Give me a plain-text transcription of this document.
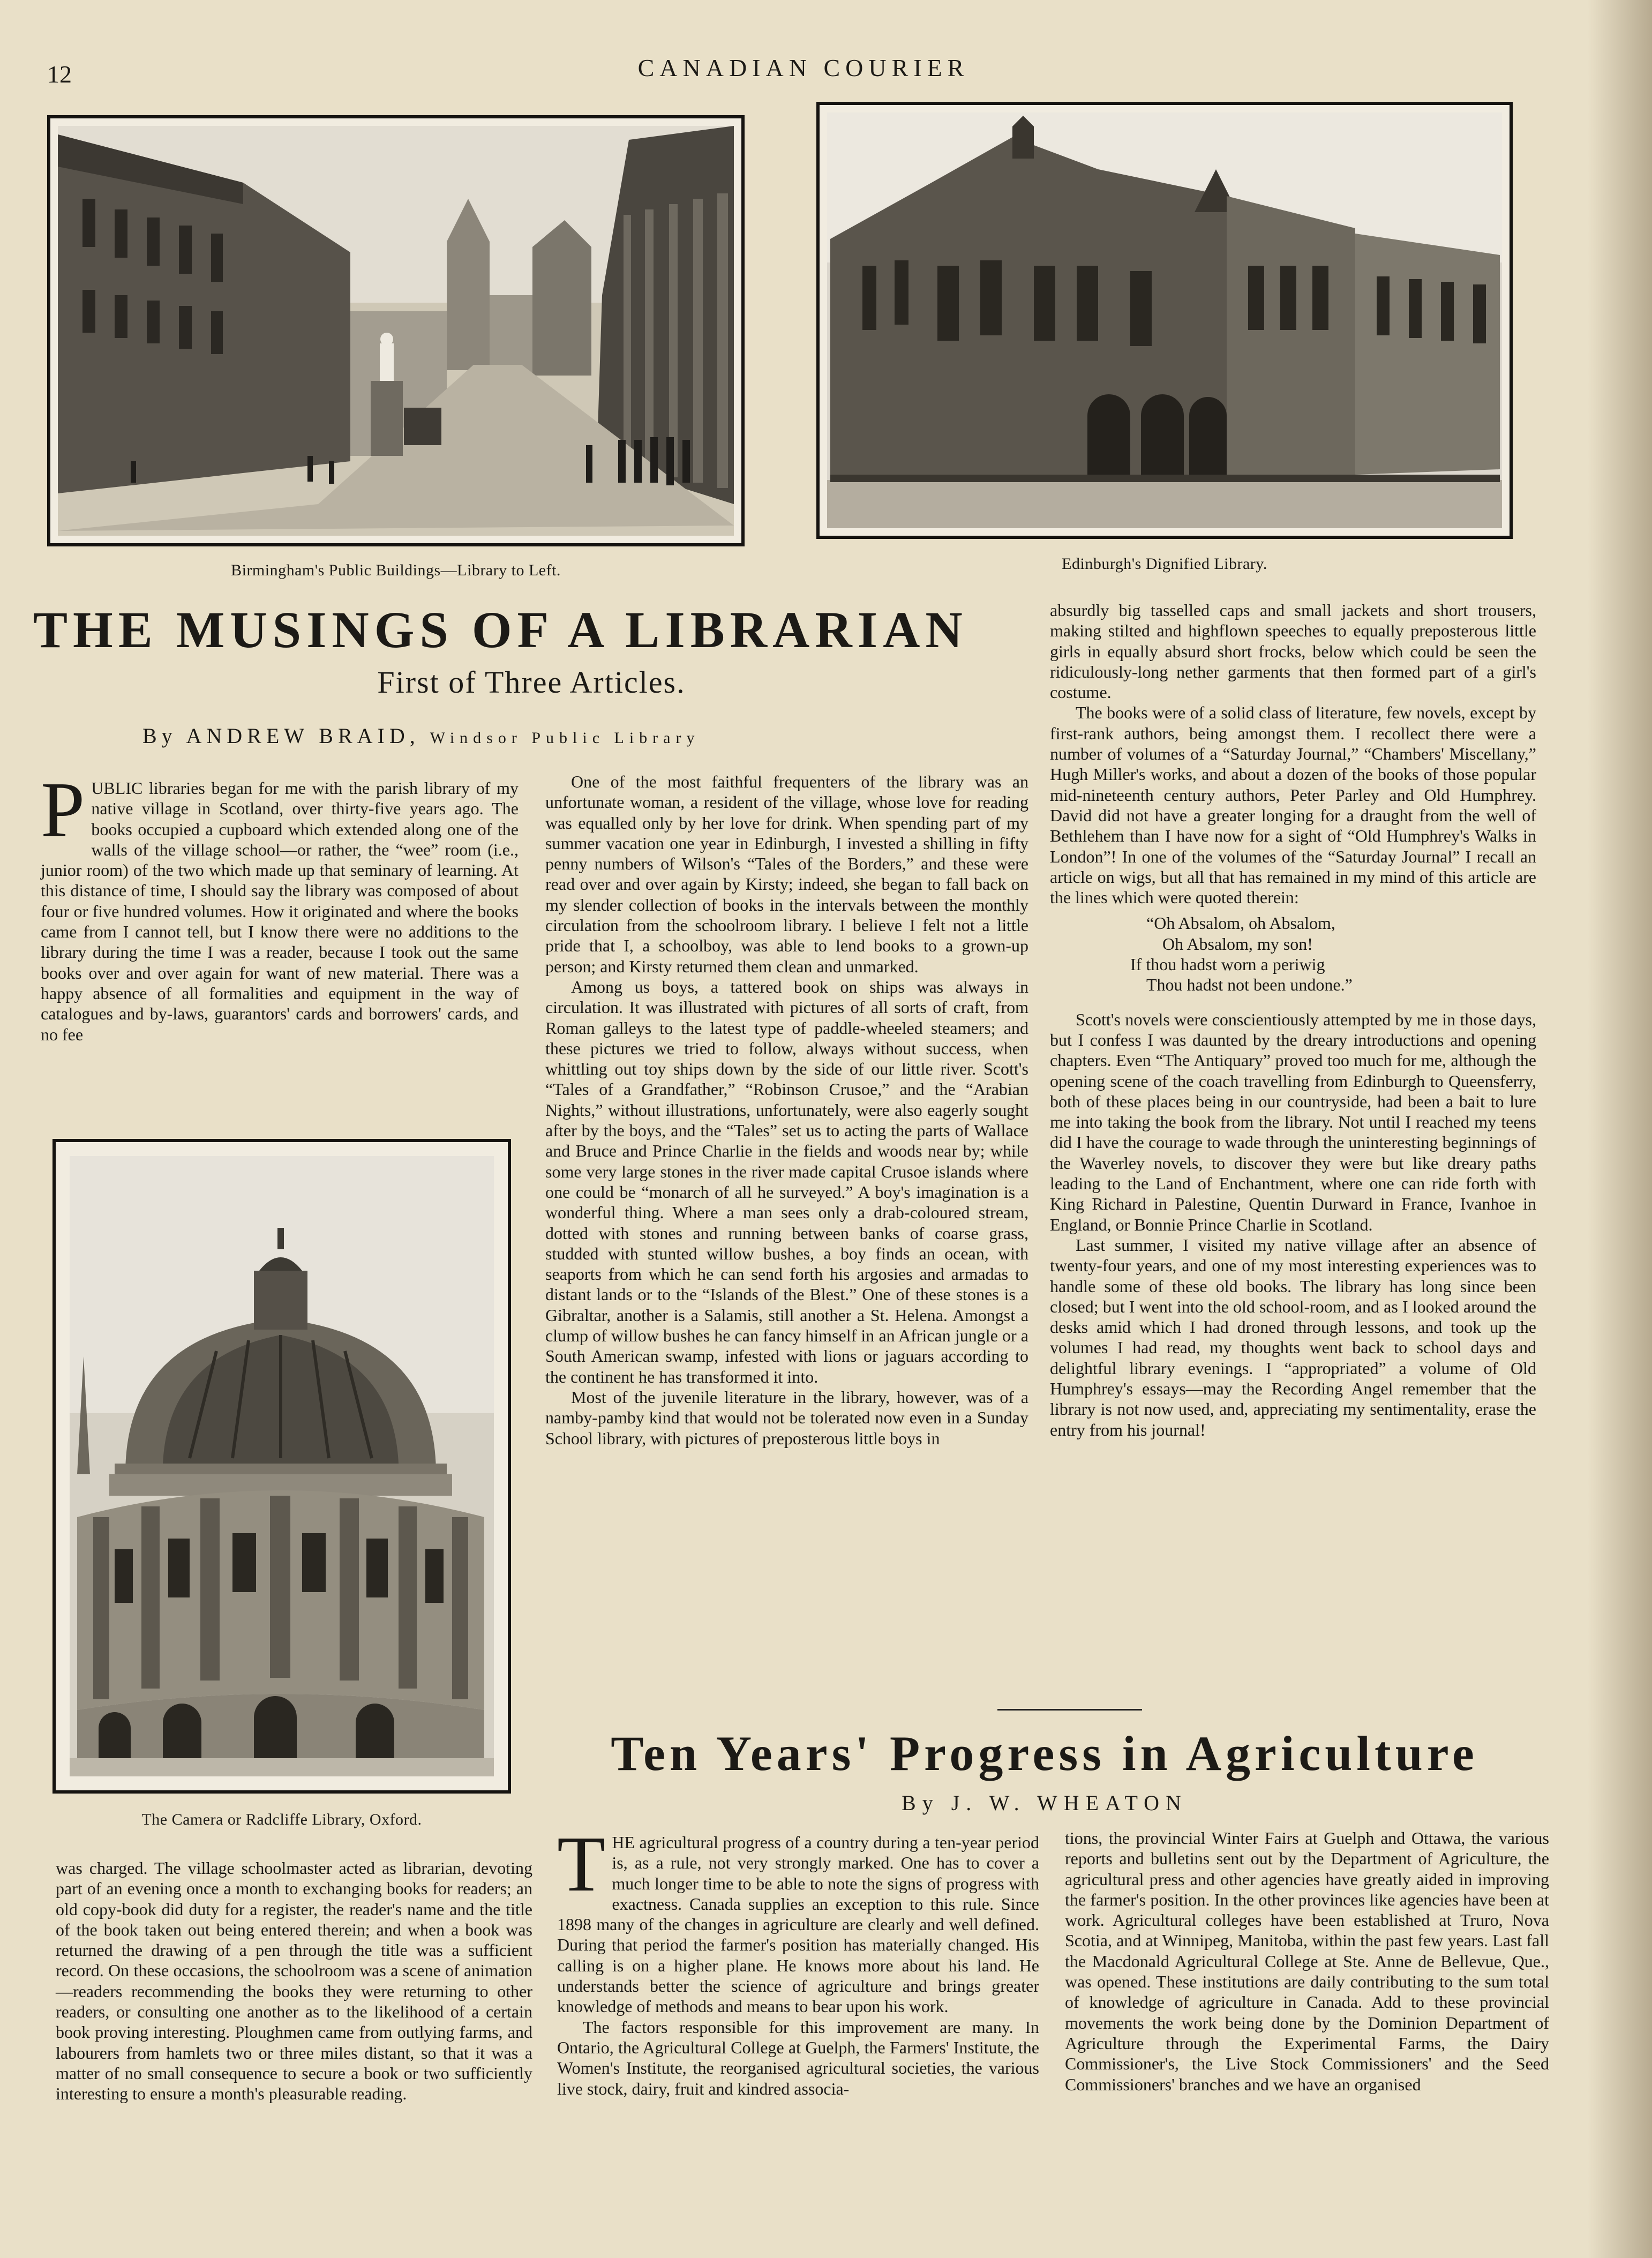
12	CANADIAN COURIER
Birmingham's Public Buildings—Library to Left.	Edinburgh's Dignified Library.
THE MUSINGS OF A LIBRARIAN
First of Three Articles.
By ANDREW BRAID, Windsor Public Library

PUBLIC libraries began for me with the parish library of my native village in Scotland, over thirty-five years ago. The books occupied a cupboard which extended along one of the walls of the village school—or rather, the “wee” room (i.e., junior room) of the two which made up that seminary of learning. At this distance of time, I should say the library was composed of about four or five hundred volumes. How it originated and where the books came from I cannot tell, but I know there were no additions to the library during the time I was a reader, because I took out the same books over and over again for want of new material. There was a happy absence of all formalities and equipment in the way of catalogues and by-laws, guarantors' cards and borrowers' cards, and no fee

The Camera or Radcliffe Library, Oxford.

was charged. The village schoolmaster acted as librarian, devoting part of an evening once a month to exchanging books for readers; an old copy-book did duty for a register, the reader's name and the title of the book taken out being entered therein; and when a book was returned the drawing of a pen through the title was a sufficient record. On these occasions, the schoolroom was a scene of animation—readers recommending the books they were returning to other readers, or consulting one another as to the likelihood of a certain book proving interesting. Ploughmen came from outlying farms, and labourers from hamlets two or three miles distant, so that it was a matter of no small consequence to secure a book or two sufficiently interesting to ensure a month's pleasurable reading.

One of the most faithful frequenters of the library was an unfortunate woman, a resident of the village, whose love for reading was equalled only by her love for drink. When spending part of my summer vacation one year in Edinburgh, I invested a shilling in fifty penny numbers of Wilson's “Tales of the Borders,” and these were read over and over again by Kirsty; indeed, she began to fall back on my slender collection of books in the intervals between the monthly circulation from the schoolroom library. I believe I felt not a little pride that I, a schoolboy, was able to lend books to a grown-up person; and Kirsty returned them clean and unmarked.

Among us boys, a tattered book on ships was always in circulation. It was illustrated with pictures of all sorts of craft, from Roman galleys to the latest type of paddle-wheeled steamers; and these pictures we tried to follow, always without success, when whittling out toy ships down by the side of our little river. Scott's “Tales of a Grandfather,” “Robinson Crusoe,” and the “Arabian Nights,” without illustrations, unfortunately, were also eagerly sought after by the boys, and the “Tales” set us to acting the parts of Wallace and Bruce and Prince Charlie in the fields and woods near by; while some very large stones in the river made capital Crusoe islands where one could be “monarch of all he surveyed.” A boy's imagination is a wonderful thing. Where a man sees only a drab-coloured stream, dotted with stones and running between banks of coarse grass, studded with stunted willow bushes, a boy finds an ocean, with seaports from which he can send forth his argosies and armadas to distant lands or to the “Islands of the Blest.” One of these stones is a Gibraltar, another is a Salamis, still another a St. Helena. Amongst a clump of willow bushes he can fancy himself in an African jungle or a South American swamp, infested with lions or jaguars according to the continent he has transformed it into.

Most of the juvenile literature in the library, however, was of a namby-pamby kind that would not be tolerated now even in a Sunday School library, with pictures of preposterous little boys in

absurdly big tasselled caps and small jackets and short trousers, making stilted and highflown speeches to equally preposterous little girls in equally absurd short frocks, below which could be seen the ridiculously-long nether garments that then formed part of a girl's costume.

The books were of a solid class of literature, few novels, except by first-rank authors, being amongst them. I recollect there were a number of volumes of a “Saturday Journal,” “Chambers' Miscellany,” Hugh Miller's works, and about a dozen of the books of those popular mid-nineteenth century authors, Peter Parley and Old Humphrey. David did not have a greater longing for a draught from the well of Bethlehem than I have now for a sight of “Old Humphrey's Walks in London”! In one of the volumes of the “Saturday Journal” I recall an article on wigs, but all that has remained in my mind of this article are the lines which were quoted therein:

“Oh Absalom, oh Absalom,
Oh Absalom, my son!
If thou hadst worn a periwig
Thou hadst not been undone.”

Scott's novels were conscientiously attempted by me in those days, but I confess I was daunted by the dreary introductions and opening chapters. Even “The Antiquary” proved too much for me, although the opening scene of the coach travelling from Edinburgh to Queensferry, both of these places being in our countryside, had been a bait to lure me into taking the book from the library. Not until I reached my teens did I have the courage to wade through the uninteresting beginnings of the Waverley novels, to discover they were but like dreary paths leading to the Land of Enchantment, where one can ride forth with King Richard in Palestine, Quentin Durward in France, Ivanhoe in England, or Bonnie Prince Charlie in Scotland.

Last summer, I visited my native village after an absence of twenty-four years, and one of my most interesting experiences was to handle some of these old books. The library has long since been closed; but I went into the old school-room, and as I looked around the desks amid which I had droned through lessons, and took up the volumes I had read, my thoughts went back to school days and delightful library evenings. I “appropriated” a volume of Old Humphrey's essays—may the Recording Angel remember that the library is not now used, and, appreciating my sentimentality, erase the entry from his journal!

Ten Years' Progress in Agriculture
By J. W. WHEATON

THE agricultural progress of a country during a ten-year period is, as a rule, not very strongly marked. One has to cover a much longer time to be able to note the signs of progress with exactness. Canada supplies an exception to this rule. Since 1898 many of the changes in agriculture are clearly and well defined. During that period the farmer's position has materially changed. His calling is on a higher plane. He knows more about his land. He understands better the science of agriculture and brings greater knowledge of methods and means to bear upon his work.

The factors responsible for this improvement are many. In Ontario, the Agricultural College at Guelph, the Farmers' Institute, the Women's Institute, the reorganised agricultural societies, the various live stock, dairy, fruit and kindred associa-

tions, the provincial Winter Fairs at Guelph and Ottawa, the various reports and bulletins sent out by the Department of Agriculture, the agricultural press and other agencies have greatly aided in improving the farmer's position. In the other provinces like agencies have been at work. Agricultural colleges have been established at Truro, Nova Scotia, and at Winnipeg, Manitoba, within the past few years. Last fall the Macdonald Agricultural College at Ste. Anne de Bellevue, Que., was opened. These institutions are daily contributing to the sum total of knowledge of agriculture in Canada. Add to these provincial movements the work being done by the Dominion Department of Agriculture through the Experimental Farms, the Dairy Commissioner's, the Live Stock Commissioners' and the Seed Commissioners' branches and we have an organised
